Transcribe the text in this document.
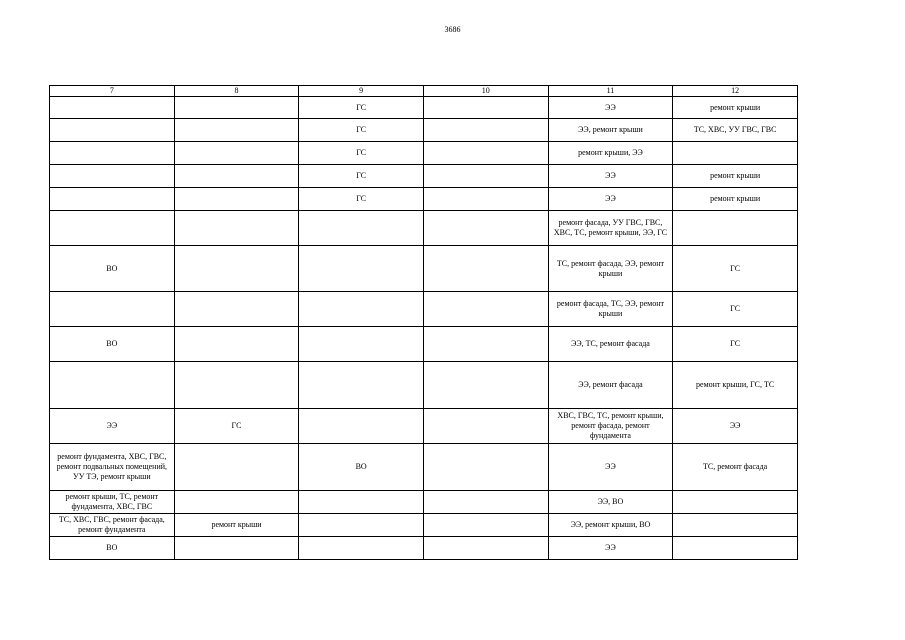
3686
7	8	9	10	11	12
		ГС		ЭЭ	ремонт крыши
		ГС		ЭЭ, ремонт крыши	ТС, ХВС, УУ ГВС, ГВС
		ГС		ремонт крыши, ЭЭ	
		ГС		ЭЭ	ремонт крыши
		ГС		ЭЭ	ремонт крыши
				ремонт фасада, УУ ГВС, ГВС, ХВС, ТС, ремонт крыши, ЭЭ, ГС	
ВО				ТС, ремонт фасада, ЭЭ, ремонт крыши	ГС
				ремонт фасада, ТС, ЭЭ, ремонт крыши	ГС
ВО				ЭЭ, ТС, ремонт фасада	ГС
				ЭЭ, ремонт фасада	ремонт крыши, ГС, ТС
ЭЭ	ГС			ХВС, ГВС, ТС, ремонт крыши, ремонт фасада, ремонт фундамента	ЭЭ
ремонт фундамента, ХВС, ГВС, ремонт подвальных помещений, УУ ТЭ, ремонт крыши		ВО		ЭЭ	ТС, ремонт фасада
ремонт крыши, ТС, ремонт фундамента, ХВС, ГВС				ЭЭ, ВО	
ТС, ХВС, ГВС, ремонт фасада, ремонт фундамента	ремонт крыши			ЭЭ, ремонт крыши, ВО	
ВО				ЭЭ	
